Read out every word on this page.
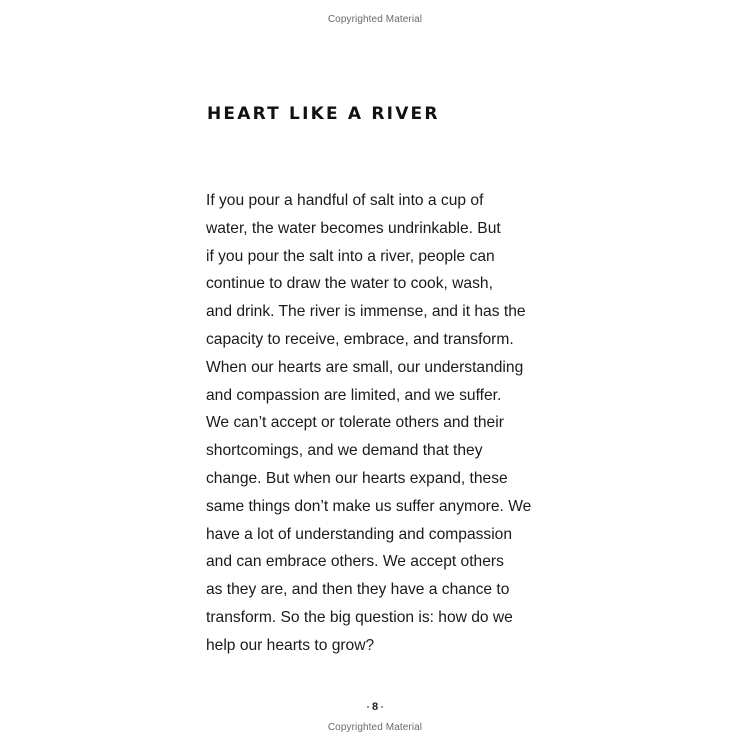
Copyrighted Material
HEART LIKE A RIVER
If you pour a handful of salt into a cup of
water, the water becomes undrinkable. But
if you pour the salt into a river, people can
continue to draw the water to cook, wash,
and drink. The river is immense, and it has the
capacity to receive, embrace, and transform.
When our hearts are small, our understanding
and compassion are limited, and we suffer.
We can’t accept or tolerate others and their
shortcomings, and we demand that they
change. But when our hearts expand, these
same things don’t make us suffer anymore. We
have a lot of understanding and compassion
and can embrace others. We accept others
as they are, and then they have a chance to
transform. So the big question is: how do we
help our hearts to grow?
8
Copyrighted Material
